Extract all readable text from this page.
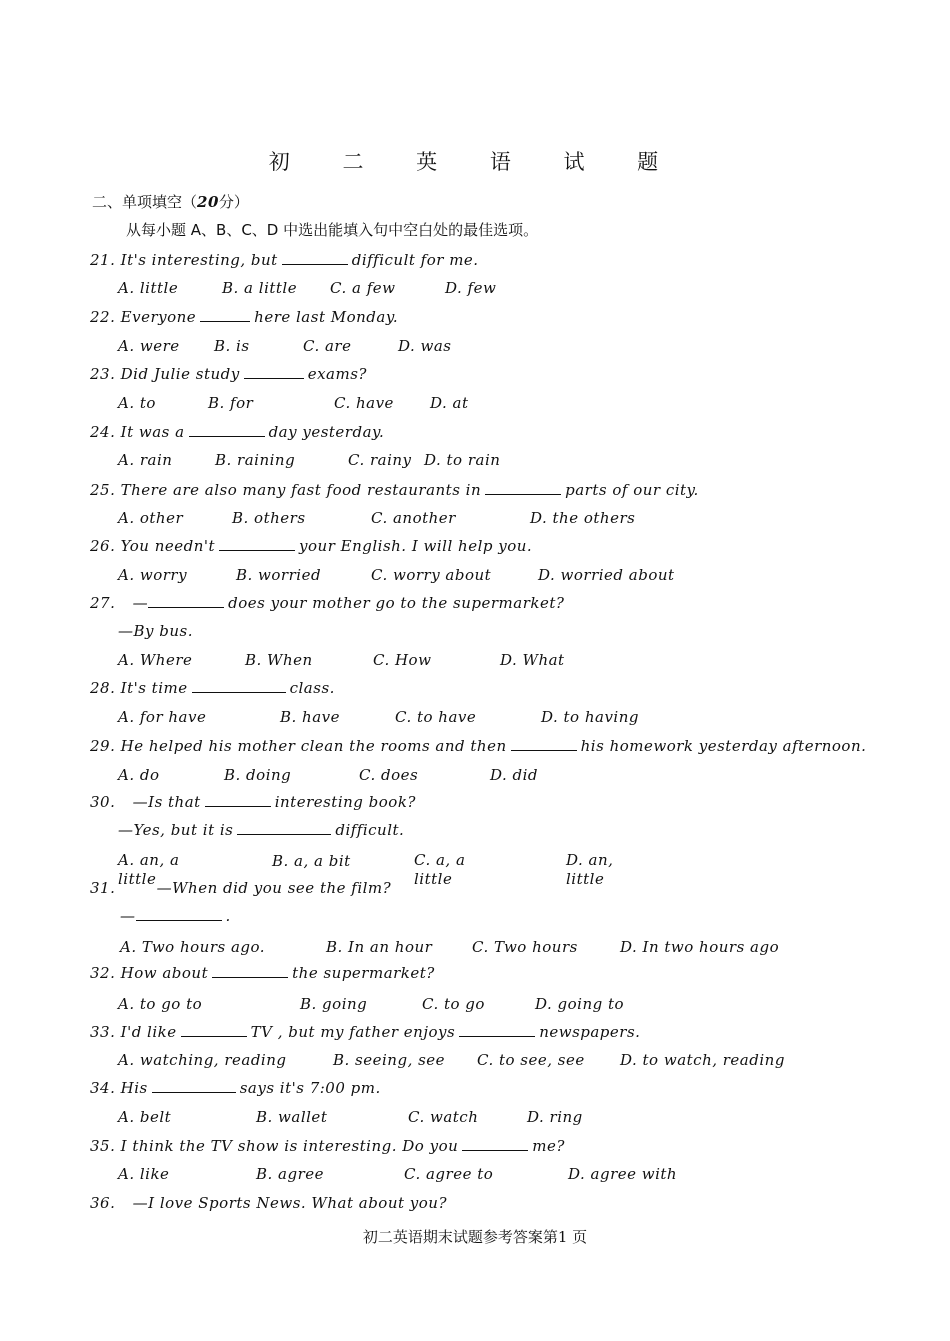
初 二 英 语 试 题
二、单项填空（20分）
从每小题 A、B、C、D 中选出能填入句中空白处的最佳选项。
21. It's interesting, but	difficult for me.
A. little	B. a little C. a few	D. few
22. Everyone	here last Monday.
A. were B. is	C. are	D. was
23. Did Julie study	exams?
A. to	B. for	C. have D. at
24. It was a	day yesterday.
A. rain	B. raining	C. rainy D. to rain
25. There are also many fast food restaurants in	parts of our city.
A. other	B. others	C. another	D. the others
26. You needn't	your English. I will help you.
A. worry	B. worried	C. worry about	D. worried about
27. —	does your mother go to the supermarket?
—By bus.
A. Where	B. When	C. How	D. What
28. It's time	class.
A. for have	B. have	C. to have	D. to having
29. He helped his mother clean the rooms and then	his homework yesterday afternoon.
A. do	B. doing	C. does	D. did
30. —Is that	interesting book?
—Yes, but it is	difficult.
A. an, a little
B. a, a bit	C. a, a little
D. an, little
31.	—When did you see the film?
—	.
A. Two hours ago.	B. In an hour	C. Two hours	D. In two hours ago
32. How about	the supermarket?
A. to go to	B. going	C. to go	D. going to
33. I'd like	TV , but my father enjoys	newspapers.
A. watching, reading	B. seeing, see C. to see, see D. to watch, reading
34. His	says it's 7:00 pm.
A. belt	B. wallet	C. watch	D. ring
35. I think the TV show is interesting. Do you	me?
A. like	B. agree	C. agree to	D. agree with
36. —I love Sports News. What about you?
初二英语期末试题参考答案第1 页
